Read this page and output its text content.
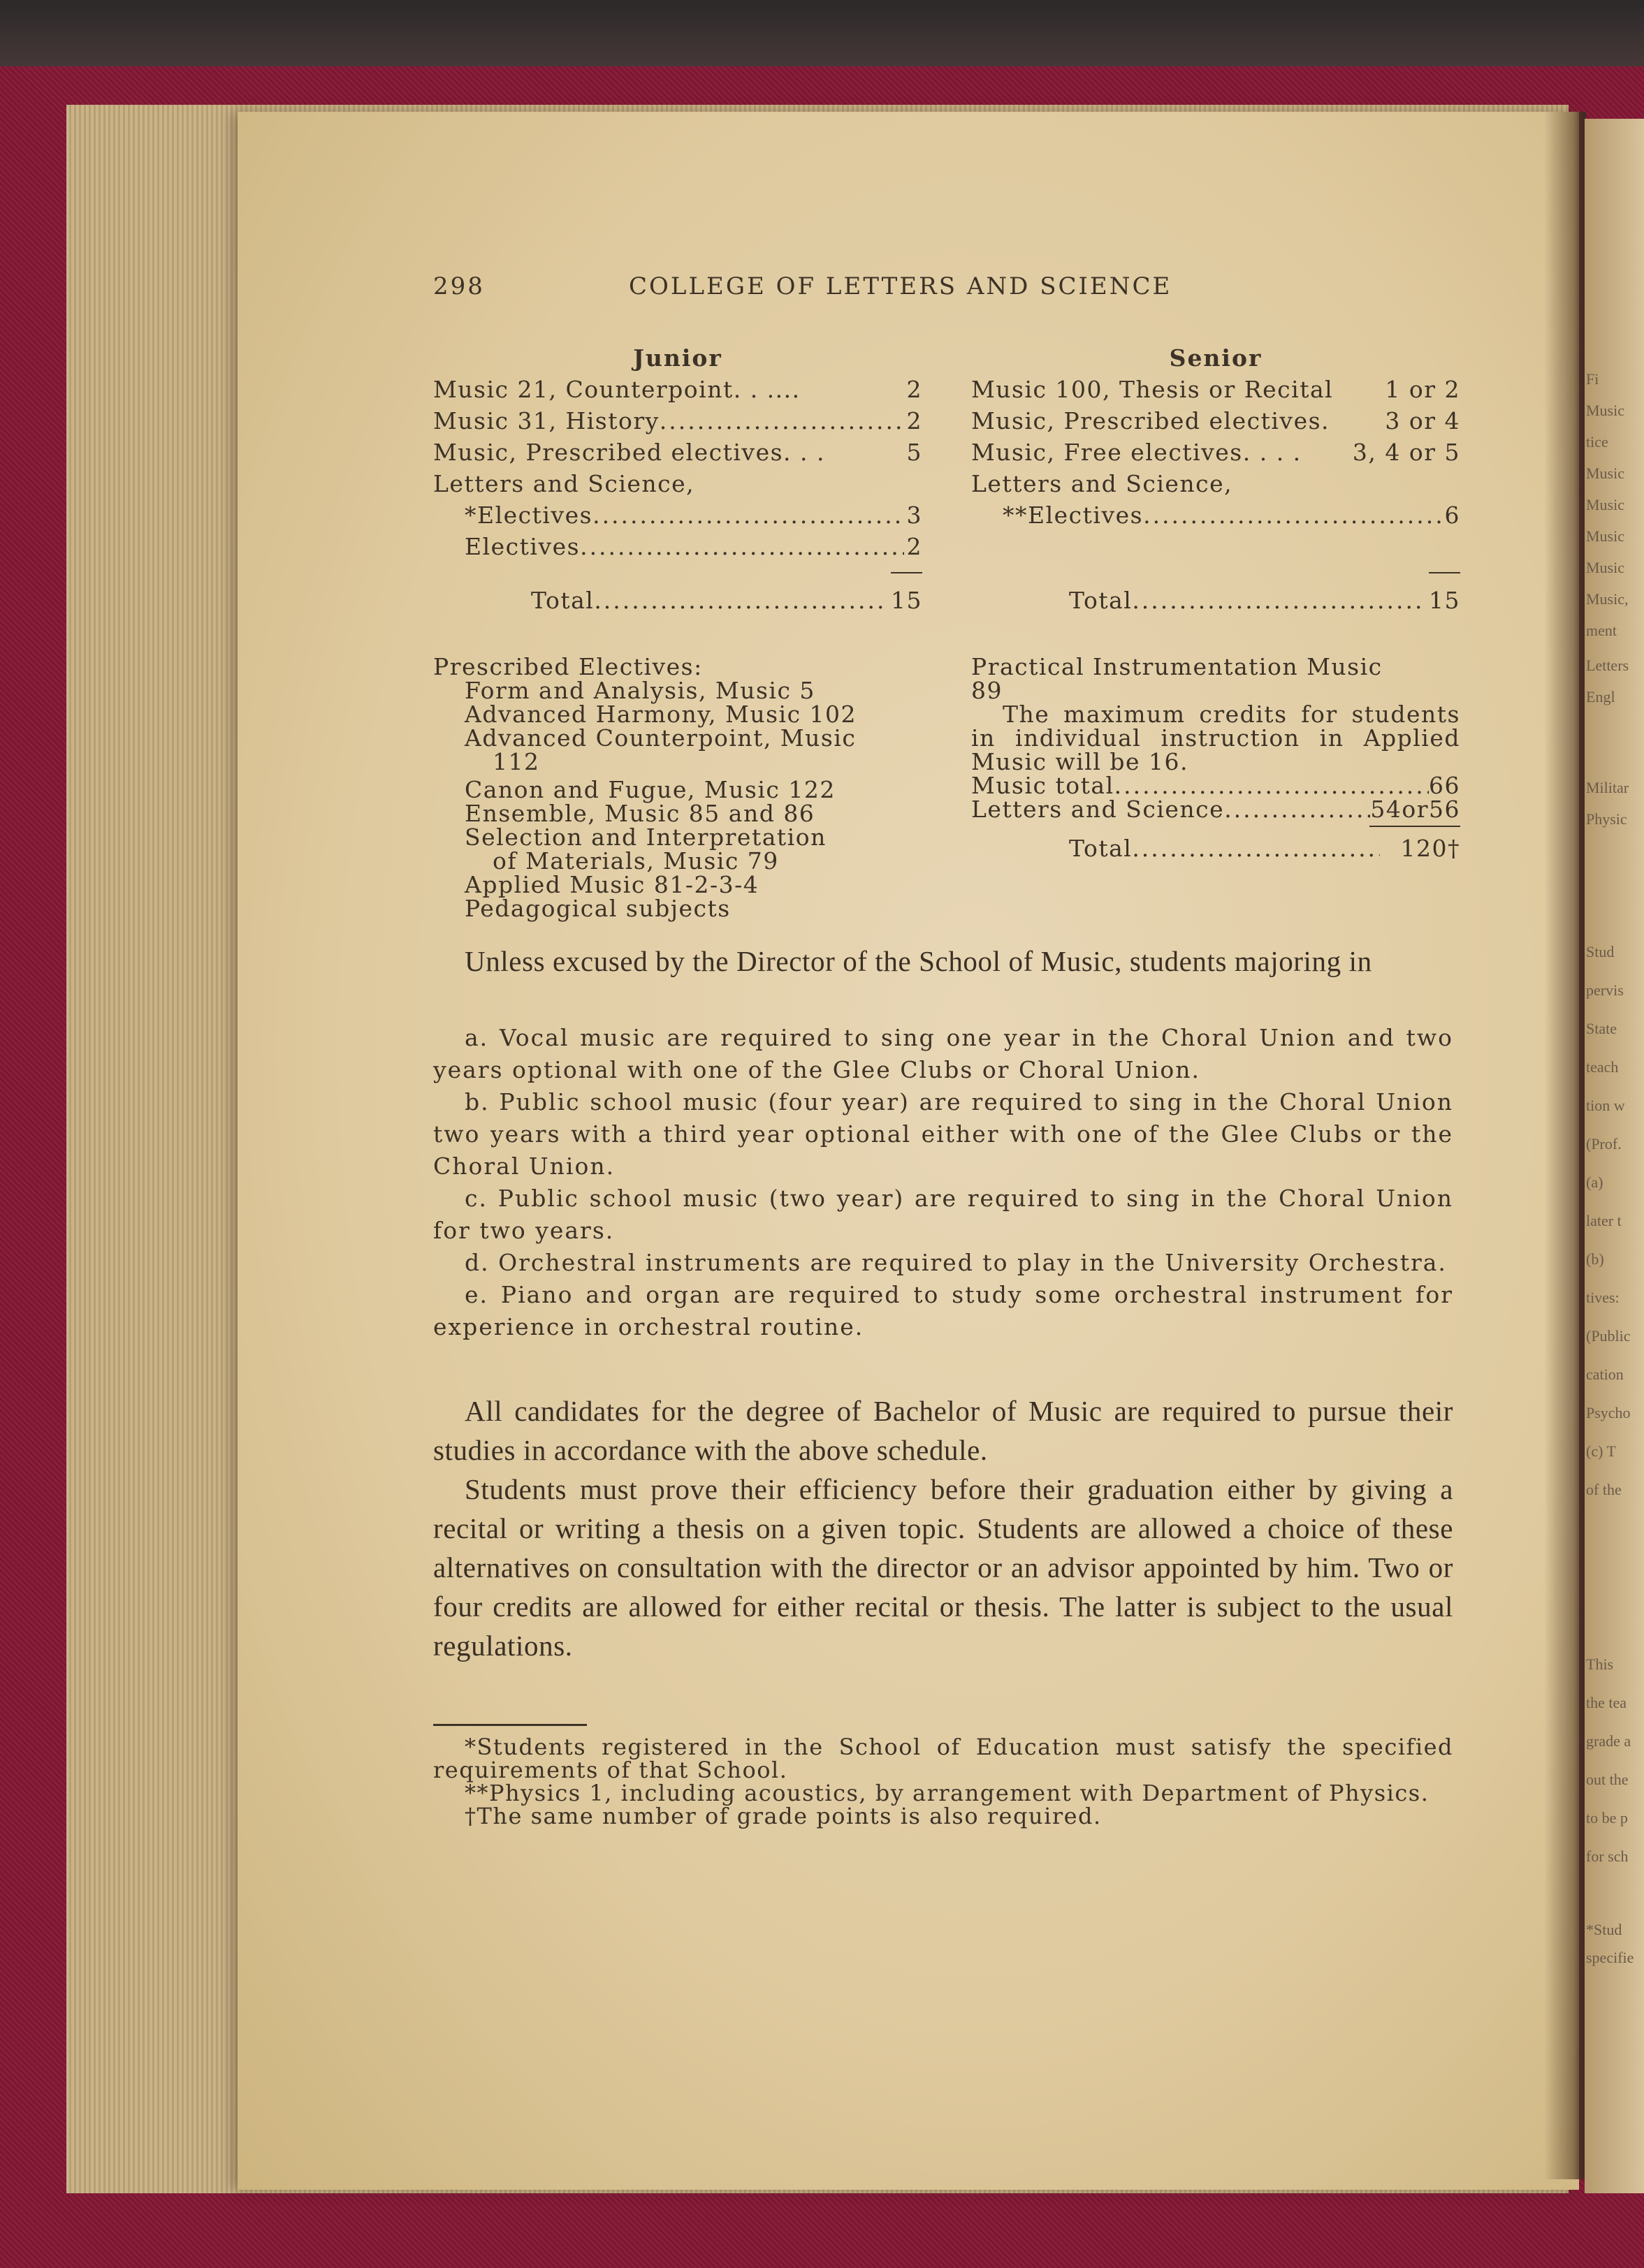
Fi
Music
tice
Music
Music
Music
Music
Music,
ment
Letters
Engl
Militar
Physic
Stud
pervis
State
teach
tion w
(Prof.
(a)
later t
(b)
tives:
(Public
cation
Psycho
(c) T
of the
This
the tea
grade a
out the
to be p
for sch
*Stud
specifie
298	COLLEGE OF LETTERS AND SCIENCE
Junior
Music 21, Counterpoint. . ....	2
Music 31, History .....	2
Music, Prescribed electives. . .	5
Letters and Science,
*Electives .....	3
Electives .....	2
Total .....	15
Senior
Music 100, Thesis or Recital 1 or 2
Music, Prescribed electives. 3 or 4
Music, Free electives. . . . 3, 4 or 5
Letters and Science,
**Electives .....	6
Total .....	15
Prescribed Electives:
Form and Analysis, Music 5
Advanced Harmony, Music 102
Advanced Counterpoint, Music
112
Canon and Fugue, Music 122
Ensemble, Music 85 and 86
Selection and Interpretation
of Materials, Music 79
Applied Music 81-2-3-4
Pedagogical subjects
Practical Instrumentation Music
89
The maximum credits for students in individual instruction in Applied Music will be 16.
Music total .....	66
Letters and Science .....	54or56
Total .....	120†

Unless excused by the Director of the School of Music, students majoring in

a. Vocal music are required to sing one year in the Choral Union and two years optional with one of the Glee Clubs or Choral Union.

b. Public school music (four year) are required to sing in the Choral Union two years with a third year optional either with one of the Glee Clubs or the Choral Union.

c. Public school music (two year) are required to sing in the Choral Union for two years.

d. Orchestral instruments are required to play in the University Orchestra.

e. Piano and organ are required to study some orchestral instrument for experience in orchestral routine.

All candidates for the degree of Bachelor of Music are required to pursue their studies in accordance with the above schedule.

Students must prove their efficiency before their graduation either by giving a recital or writing a thesis on a given topic. Students are allowed a choice of these alternatives on consultation with the director or an advisor appointed by him. Two or four credits are allowed for either recital or thesis. The latter is subject to the usual regulations.

*Students registered in the School of Education must satisfy the specified requirements of that School.

**Physics 1, including acoustics, by arrangement with Department of Physics.

†The same number of grade points is also required.
